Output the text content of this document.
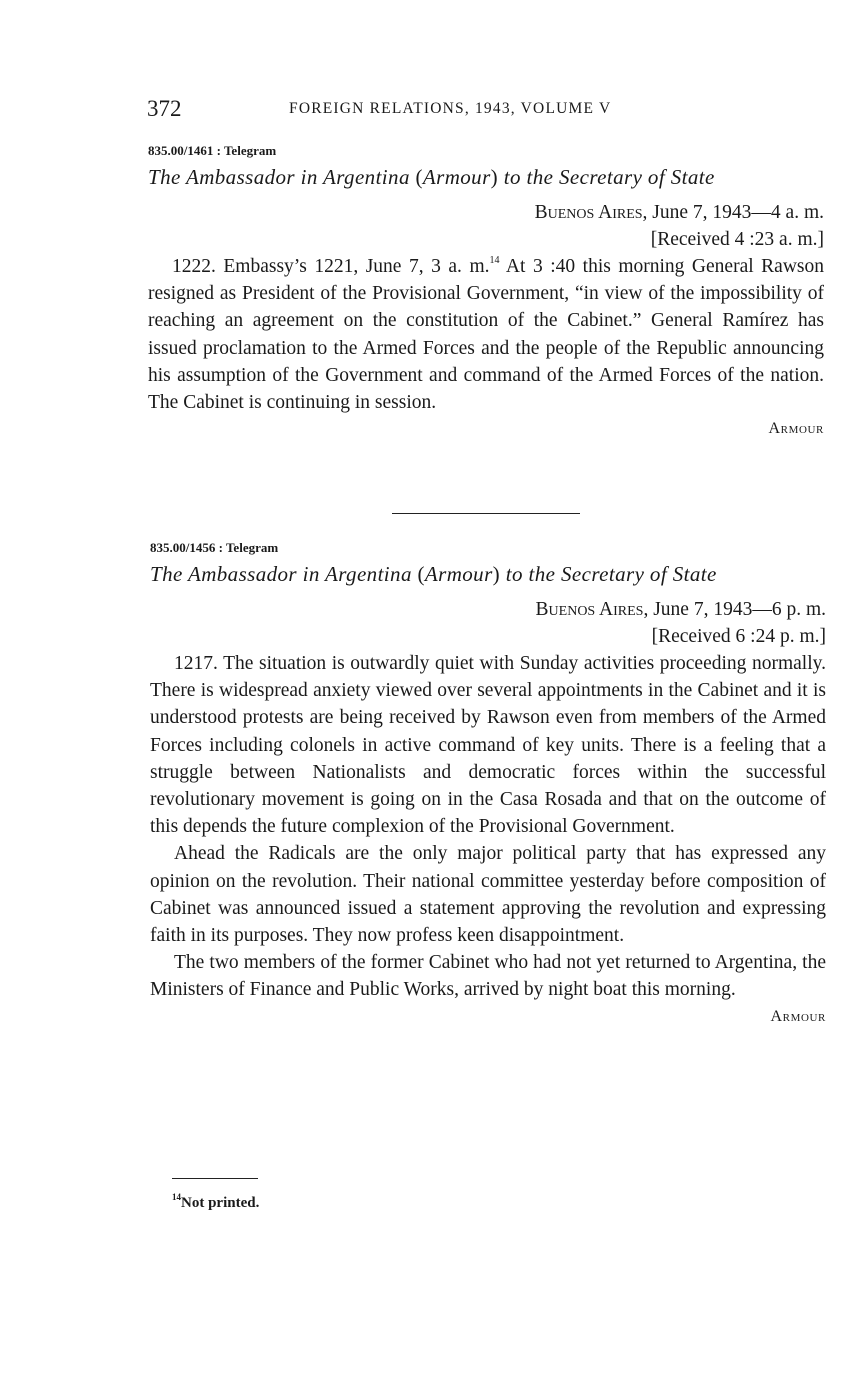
372	FOREIGN RELATIONS, 1943, VOLUME V
835.00/1461 : Telegram
The Ambassador in Argentina (Armour) to the Secretary of State
Buenos Aires, June 7, 1943—4 a. m.
[Received 4 :23 a. m.]

1222. Embassy’s 1221, June 7, 3 a. m.$^{14}$ At 3 :40 this morning General Rawson resigned as President of the Provisional Government, “in view of the impossibility of reaching an agreement on the constitution of the Cabinet.” General Ramírez has issued proclamation to the Armed Forces and the people of the Republic announcing his assumption of the Government and command of the Armed Forces of the nation. The Cabinet is continuing in session.

Armour
835.00/1456 : Telegram
The Ambassador in Argentina (Armour) to the Secretary of State
Buenos Aires, June 7, 1943—6 p. m.
[Received 6 :24 p. m.]

1217. The situation is outwardly quiet with Sunday activities proceeding normally. There is widespread anxiety viewed over several appointments in the Cabinet and it is understood protests are being received by Rawson even from members of the Armed Forces including colonels in active command of key units. There is a feeling that a struggle between Nationalists and democratic forces within the successful revolutionary movement is going on in the Casa Rosada and that on the outcome of this depends the future complexion of the Provisional Government.

Ahead the Radicals are the only major political party that has expressed any opinion on the revolution. Their national committee yesterday before composition of Cabinet was announced issued a statement approving the revolution and expressing faith in its purposes. They now profess keen disappointment.

The two members of the former Cabinet who had not yet returned to Argentina, the Ministers of Finance and Public Works, arrived by night boat this morning.

Armour
$^{14}$Not printed.
